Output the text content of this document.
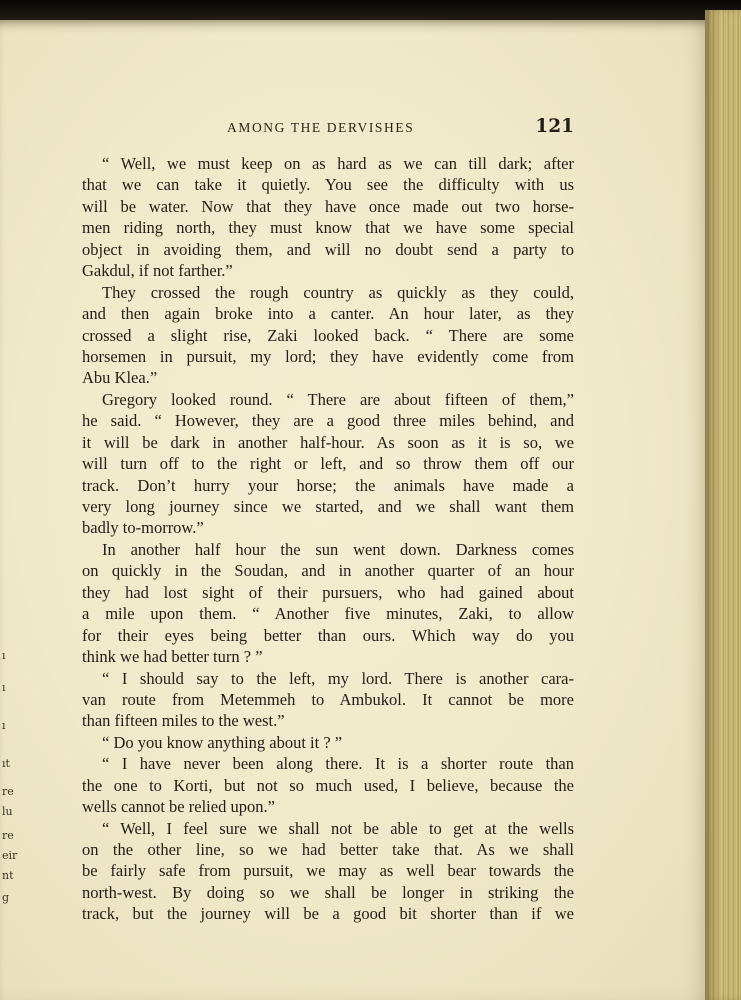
ı
ı
ı
ıt
re
lu
re
eir
nt
g
AMONG THE DERVISHES	121
“ Well, we must keep on as hard as we can till dark; after
that we can take it quietly. You see the difficulty with us
will be water. Now that they have once made out two horse-
men riding north, they must know that we have some special
object in avoiding them, and will no doubt send a party to
Gakdul, if not farther.”
They crossed the rough country as quickly as they could,
and then again broke into a canter. An hour later, as they
crossed a slight rise, Zaki looked back. “ There are some
horsemen in pursuit, my lord; they have evidently come from
Abu Klea.”
Gregory looked round. “ There are about fifteen of them,”
he said. “ However, they are a good three miles behind, and
it will be dark in another half-hour. As soon as it is so, we
will turn off to the right or left, and so throw them off our
track. Don’t hurry your horse; the animals have made a
very long journey since we started, and we shall want them
badly to-morrow.”
In another half hour the sun went down. Darkness comes
on quickly in the Soudan, and in another quarter of an hour
they had lost sight of their pursuers, who had gained about
a mile upon them. “ Another five minutes, Zaki, to allow
for their eyes being better than ours. Which way do you
think we had better turn ? ”
“ I should say to the left, my lord. There is another cara-
van route from Metemmeh to Ambukol. It cannot be more
than fifteen miles to the west.”
“ Do you know anything about it ? ”
“ I have never been along there. It is a shorter route than
the one to Korti, but not so much used, I believe, because the
wells cannot be relied upon.”
“ Well, I feel sure we shall not be able to get at the wells
on the other line, so we had better take that. As we shall
be fairly safe from pursuit, we may as well bear towards the
north-west. By doing so we shall be longer in striking the
track, but the journey will be a good bit shorter than if we
